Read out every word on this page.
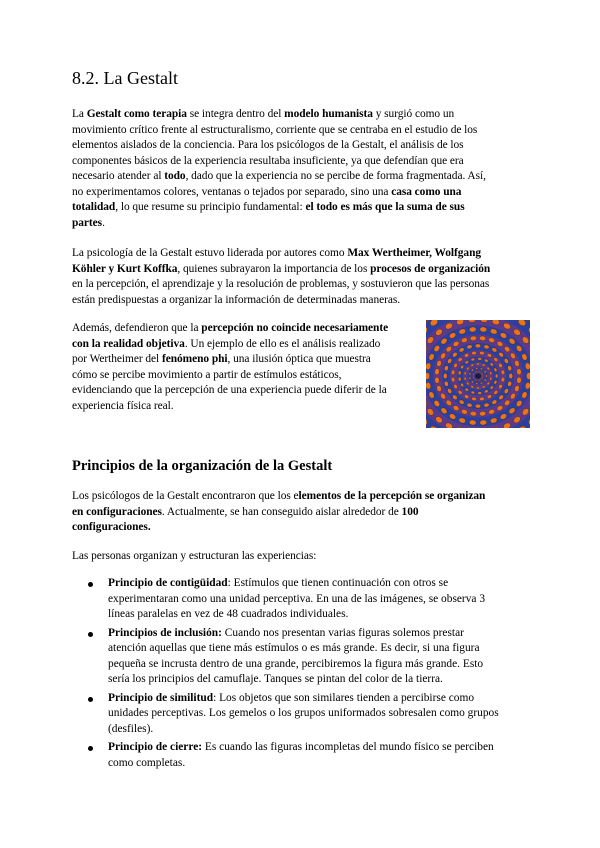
8.2. La Gestalt

La Gestalt como terapia se integra dentro del modelo humanista y surgió como un
movimiento crítico frente al estructuralismo, corriente que se centraba en el estudio de los
elementos aislados de la conciencia. Para los psicólogos de la Gestalt, el análisis de los
componentes básicos de la experiencia resultaba insuficiente, ya que defendían que era
necesario atender al todo, dado que la experiencia no se percibe de forma fragmentada. Así,
no experimentamos colores, ventanas o tejados por separado, sino una casa como una
totalidad, lo que resume su principio fundamental: el todo es más que la suma de sus
partes.

La psicología de la Gestalt estuvo liderada por autores como Max Wertheimer, Wolfgang
Köhler y Kurt Koffka, quienes subrayaron la importancia de los procesos de organización
en la percepción, el aprendizaje y la resolución de problemas, y sostuvieron que las personas
están predispuestas a organizar la información de determinadas maneras.

Además, defendieron que la percepción no coincide necesariamente
con la realidad objetiva. Un ejemplo de ello es el análisis realizado
por Wertheimer del fenómeno phi, una ilusión óptica que muestra
cómo se percibe movimiento a partir de estímulos estáticos,
evidenciando que la percepción de una experiencia puede diferir de la
experiencia física real.

Principios de la organización de la Gestalt

Los psicólogos de la Gestalt encontraron que los elementos de la percepción se organizan
en configuraciones. Actualmente, se han conseguido aislar alrededor de 100
configuraciones.

Las personas organizan y estructuran las experiencias:

Principio de contigüidad: Estímulos que tienen continuación con otros se
experimentaran como una unidad perceptiva. En una de las imágenes, se observa 3
líneas paralelas en vez de 48 cuadrados individuales.
Principios de inclusión: Cuando nos presentan varias figuras solemos prestar
atención aquellas que tiene más estímulos o es más grande. Es decir, si una figura
pequeña se incrusta dentro de una grande, percibiremos la figura más grande. Esto
sería los principios del camuflaje. Tanques se pintan del color de la tierra.
Principio de similitud: Los objetos que son similares tienden a percibirse como
unidades perceptivas. Los gemelos o los grupos uniformados sobresalen como grupos
(desfiles).
Principio de cierre: Es cuando las figuras incompletas del mundo físico se perciben
como completas.
